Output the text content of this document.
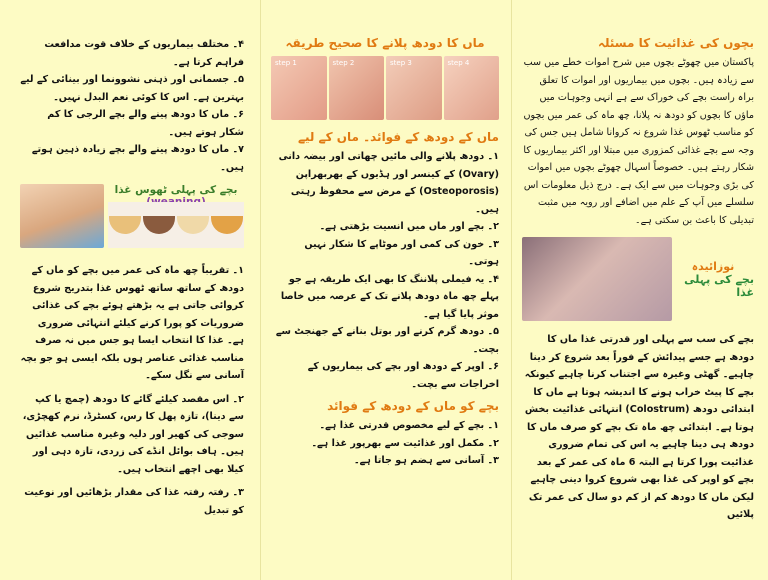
بچوں کی غذائیت کا مسئلہ

پاکستان میں چھوٹے بچوں میں شرح اموات خطے میں سب سے زیادہ ہیں۔ بچوں میں بیماریوں اور اموات کا تعلق براہ راست بچے کی خوراک سے ہے انہی وجوہات میں ماؤں کا بچوں کو دودھ نہ پلانا، چھ ماہ کی عمر میں بچوں کو مناسب ٹھوس غذا شروع نہ کروانا شامل ہیں جس کی وجہ سے بچے غذائی کمزوری میں مبتلا اور اکثر بیماریوں کا شکار رہتے ہیں۔ خصوصاً اسہال چھوٹے بچوں میں اموات کی بڑی وجوہات میں سے ایک ہے۔ درج ذیل معلومات اس سلسلے میں آپ کے علم میں اضافے اور رویہ میں مثبت تبدیلی کا باعث بن سکتی ہے۔

نوزائیدہ
بچے کی پہلی غذا

بچے کی سب سے پہلی اور قدرتی غذا ماں کا دودھ ہے جسے پیدائش کے فوراً بعد شروع کر دینا چاہیے۔ گھٹی وغیرہ سے اجتناب کرنا چاہیے کیونکہ بچے کا پیٹ خراب ہونے کا اندیشہ ہوتا ہے ماں کا ابتدائی دودھ (Colostrum) انتہائی غذائیت بخش ہوتا ہے۔ ابتدائی چھ ماہ تک بچے کو صرف ماں کا دودھ ہی دینا چاہیے یہ اس کی تمام ضروری غذائیت پورا کرتا ہے البتہ 6 ماہ کی عمر کے بعد بچے کو اوپر کی غذا بھی شروع کروا دینی چاہیے لیکن ماں کا دودھ کم از کم دو سال کی عمر تک پلائیں

ماں کا دودھ پلانے کا صحیح طریقہ
step 1	step 2	step 3	step 4
ماں کے دودھ کے فوائد۔ ماں کے لیے

۱۔ دودھ پلانے والی مائیں چھاتی اور بیضہ دانی (Ovary) کے کینسر اور ہڈیوں کے بھربھراپن (Osteoporosis) کے مرض سے محفوظ رہتی ہیں۔

۲۔ بچے اور ماں میں انسیت بڑھتی ہے۔

۳۔ خون کی کمی اور موٹاپے کا شکار نہیں ہوتی۔

۴۔ یہ فیملی پلاننگ کا بھی ایک طریقہ ہے جو پہلے چھ ماہ دودھ پلانے تک کے عرصہ میں خاصا موثر پایا گیا ہے۔

۵۔ دودھ گرم کرنے اور بوتل بنانے کے جھنجٹ سے بچت۔

۶۔ اوپر کے دودھ اور بچے کی بیماریوں کے اخراجات سے بچت۔

بچے کو ماں کے دودھ کے فوائد

۱۔ بچے کے لیے مخصوص قدرتی غذا ہے۔

۲۔ مکمل اور غذائیت سے بھرپور غذا ہے۔

۳۔ آسانی سے ہضم ہو جاتا ہے۔

۴۔ مختلف بیماریوں کے خلاف قوت مدافعت فراہم کرتا ہے۔

۵۔ جسمانی اور ذہنی نشوونما اور بینائی کے لیے بہترین ہے۔ اس کا کوئی نعم البدل نہیں۔

۶۔ ماں کا دودھ پینے والے بچے الرجی کا کم شکار ہوتے ہیں۔

۷۔ ماں کا دودھ پینے والے بچے زیادہ ذہین ہوتے ہیں۔

بچے کی پہلی ٹھوس غذا

۱۔ تقریباً چھ ماہ کی عمر میں بچے کو ماں کے دودھ کے ساتھ ساتھ ٹھوس غذا بتدریج شروع کروائی جاتی ہے یہ بڑھتے ہوئے بچے کی غذائی ضروریات کو پورا کرنے کیلئے انتہائی ضروری ہے۔ غذا کا انتخاب ایسا ہو جس میں نہ صرف مناسب غذائی عناصر ہوں بلکہ ایسی ہو جو بچہ آسانی سے نگل سکے۔

۲۔ اس مقصد کیلئے گائے کا دودھ (چمچ یا کپ سے دینا)، تازہ پھل کا رس، کسٹرڈ، نرم کھچڑی، سوجی کی کھیر اور دلیہ وغیرہ مناسب غذائیں ہیں۔ ہاف بوائل انڈے کی زردی، تازہ دہی اور کیلا بھی اچھے انتخاب ہیں۔

۳۔ رفتہ رفتہ غذا کی مقدار بڑھائیں اور نوعیت کو تبدیل
